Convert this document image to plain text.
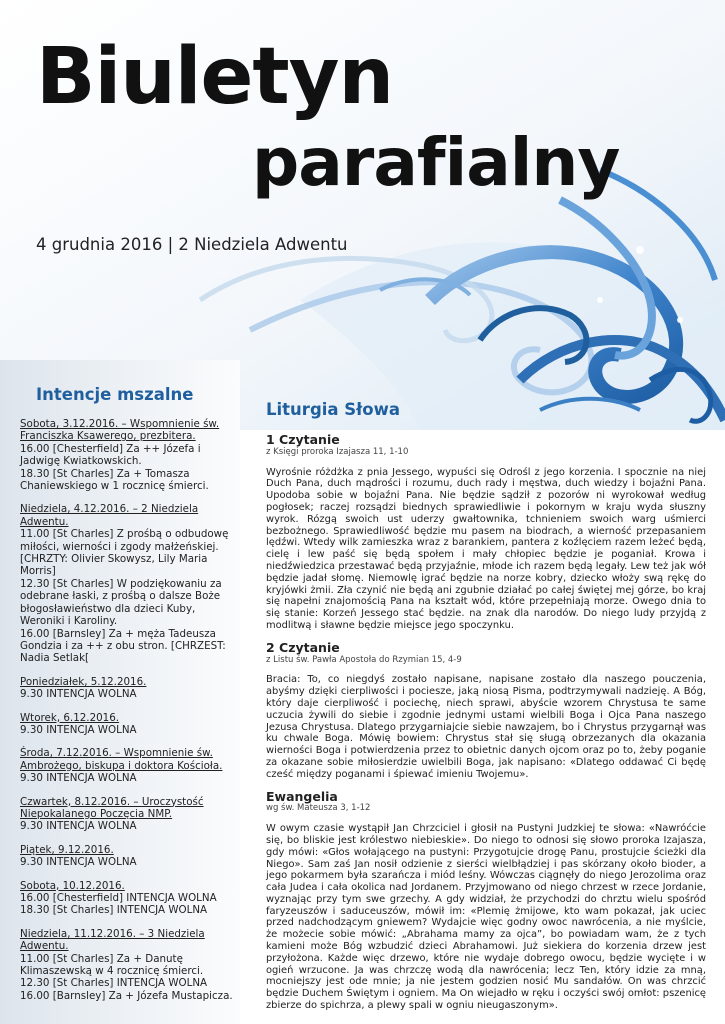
Biuletyn
parafialny
4 grudnia 2016 | 2 Niedziela Adwentu
Intencje mszalne
Sobota, 3.12.2016. – Wspomnienie św. Franciszka Ksawerego, prezbitera.
16.00 [Chesterfield] Za ++ Józefa i Jadwigę Kwiatkowskich.
18.30 [St Charles] Za + Tomasza Chaniewskiego w 1 rocznicę śmierci.
Niedziela, 4.12.2016. – 2 Niedziela Adwentu.
11.00 [St Charles] Z prośbą o odbudowę miłości, wierności i zgody małżeńskiej. [CHRZTY: Olivier Skowysz, Lily Maria Morris]
12.30 [St Charles] W podziękowaniu za odebrane łaski, z prośbą o dalsze Boże błogosławieństwo dla dzieci Kuby, Weroniki i Karoliny.
16.00 [Barnsley] Za + męża Tadeusza Gondzia i za ++ z obu stron. [CHRZEST: Nadia Setlak[
Poniedziałek, 5.12.2016.
9.30 INTENCJA WOLNA
Wtorek, 6.12.2016.
9.30 INTENCJA WOLNA
Środa, 7.12.2016. – Wspomnienie św. Ambrożego, biskupa i doktora Kościoła.
9.30 INTENCJA WOLNA
Czwartek, 8.12.2016. – Uroczystość Niepokalanego Poczęcia NMP.
9.30 INTENCJA WOLNA
Piątek, 9.12.2016.
9.30 INTENCJA WOLNA
Sobota, 10.12.2016.
16.00 [Chesterfield] INTENCJA WOLNA
18.30 [St Charles] INTENCJA WOLNA
Niedziela, 11.12.2016. – 3 Niedziela Adwentu.
11.00 [St Charles] Za + Danutę Klimaszewską w 4 rocznicę śmierci.
12.30 [St Charles] INTENCJA WOLNA
16.00 [Barnsley] Za + Józefa Mustapicza.
Liturgia Słowa
1 Czytanie
z Księgi proroka Izajasza 11, 1-10
Wyrośnie różdżka z pnia Jessego, wypuści się Odrośl z jego korzenia. I spocznie na niej Duch Pana, duch mądrości i rozumu, duch rady i męstwa, duch wiedzy i bojaźni Pana. Upodoba sobie w bojaźni Pana. Nie będzie sądził z pozorów ni wyrokował według pogłosek; raczej rozsądzi biednych sprawiedliwie i pokornym w kraju wyda słuszny wyrok. Rózgą swoich ust uderzy gwałtownika, tchnieniem swoich warg uśmierci bezbożnego. Sprawiedliwość będzie mu pasem na biodrach, a wierność przepasaniem lędźwi. Wtedy wilk zamieszka wraz z barankiem, pantera z koźlęciem razem leżeć będą, cielę i lew paść się będą społem i mały chłopiec będzie je poganiał. Krowa i niedźwiedzica przestawać będą przyjaźnie, młode ich razem będą legały. Lew też jak wół będzie jadał słomę. Niemowlę igrać będzie na norze kobry, dziecko włoży swą rękę do kryjówki żmii. Zła czynić nie będą ani zgubnie działać po całej świętej mej górze, bo kraj się napełni znajomością Pana na kształt wód, które przepełniają morze. Owego dnia to się stanie: Korzeń Jessego stać będzie. na znak dla narodów. Do niego ludy przyjdą z modlitwą i sławne będzie miejsce jego spoczynku.
2 Czytanie
z Listu św. Pawła Apostoła do Rzymian 15, 4-9
Bracia: To, co niegdyś zostało napisane, napisane zostało dla naszego pouczenia, abyśmy dzięki cierpliwości i pociesze, jaką niosą Pisma, podtrzymywali nadzieję. A Bóg, który daje cierpliwość i pociechę, niech sprawi, abyście wzorem Chrystusa te same uczucia żywili do siebie i zgodnie jednymi ustami wielbili Boga i Ojca Pana naszego Jezusa Chrystusa. Dlatego przygarniajcie siebie nawzajem, bo i Chrystus przygarnął was ku chwale Boga. Mówię bowiem: Chrystus stał się sługą obrzezanych dla okazania wierności Boga i potwierdzenia przez to obietnic danych ojcom oraz po to, żeby poganie za okazane sobie miłosierdzie uwielbili Boga, jak napisano: «Dlatego oddawać Ci będę cześć między poganami i śpiewać imieniu Twojemu».
Ewangelia
wg św. Mateusza 3, 1-12
W owym czasie wystąpił Jan Chrzciciel i głosił na Pustyni Judzkiej te słowa: «Nawróćcie się, bo bliskie jest królestwo niebieskie». Do niego to odnosi się słowo proroka Izajasza, gdy mówi: «Głos wołającego na pustyni: Przygotujcie drogę Panu, prostujcie ścieżki dla Niego». Sam zaś Jan nosił odzienie z sierści wielbłądziej i pas skórzany około bioder, a jego pokarmem była szarańcza i miód leśny. Wówczas ciągnęły do niego Jerozolima oraz cała Judea i cała okolica nad Jordanem. Przyjmowano od niego chrzest w rzece Jordanie, wyznając przy tym swe grzechy. A gdy widział, że przychodzi do chrztu wielu spośród faryzeuszów i saduceuszów, mówił im: «Plemię żmijowe, kto wam pokazał, jak uciec przed nadchodzącym gniewem? Wydajcie więc godny owoc nawrócenia, a nie myślcie, że możecie sobie mówić: „Abrahama mamy za ojca”, bo powiadam wam, że z tych kamieni może Bóg wzbudzić dzieci Abrahamowi. Już siekiera do korzenia drzew jest przyłożona. Każde więc drzewo, które nie wydaje dobrego owocu, będzie wycięte i w ogień wrzucone. Ja was chrzczę wodą dla nawrócenia; lecz Ten, który idzie za mną, mocniejszy jest ode mnie; ja nie jestem godzien nosić Mu sandałów. On was chrzcić będzie Duchem Świętym i ogniem. Ma On wiejadło w ręku i oczyści swój omłot: pszenicę zbierze do spichrza, a plewy spali w ogniu nieugaszonym».
